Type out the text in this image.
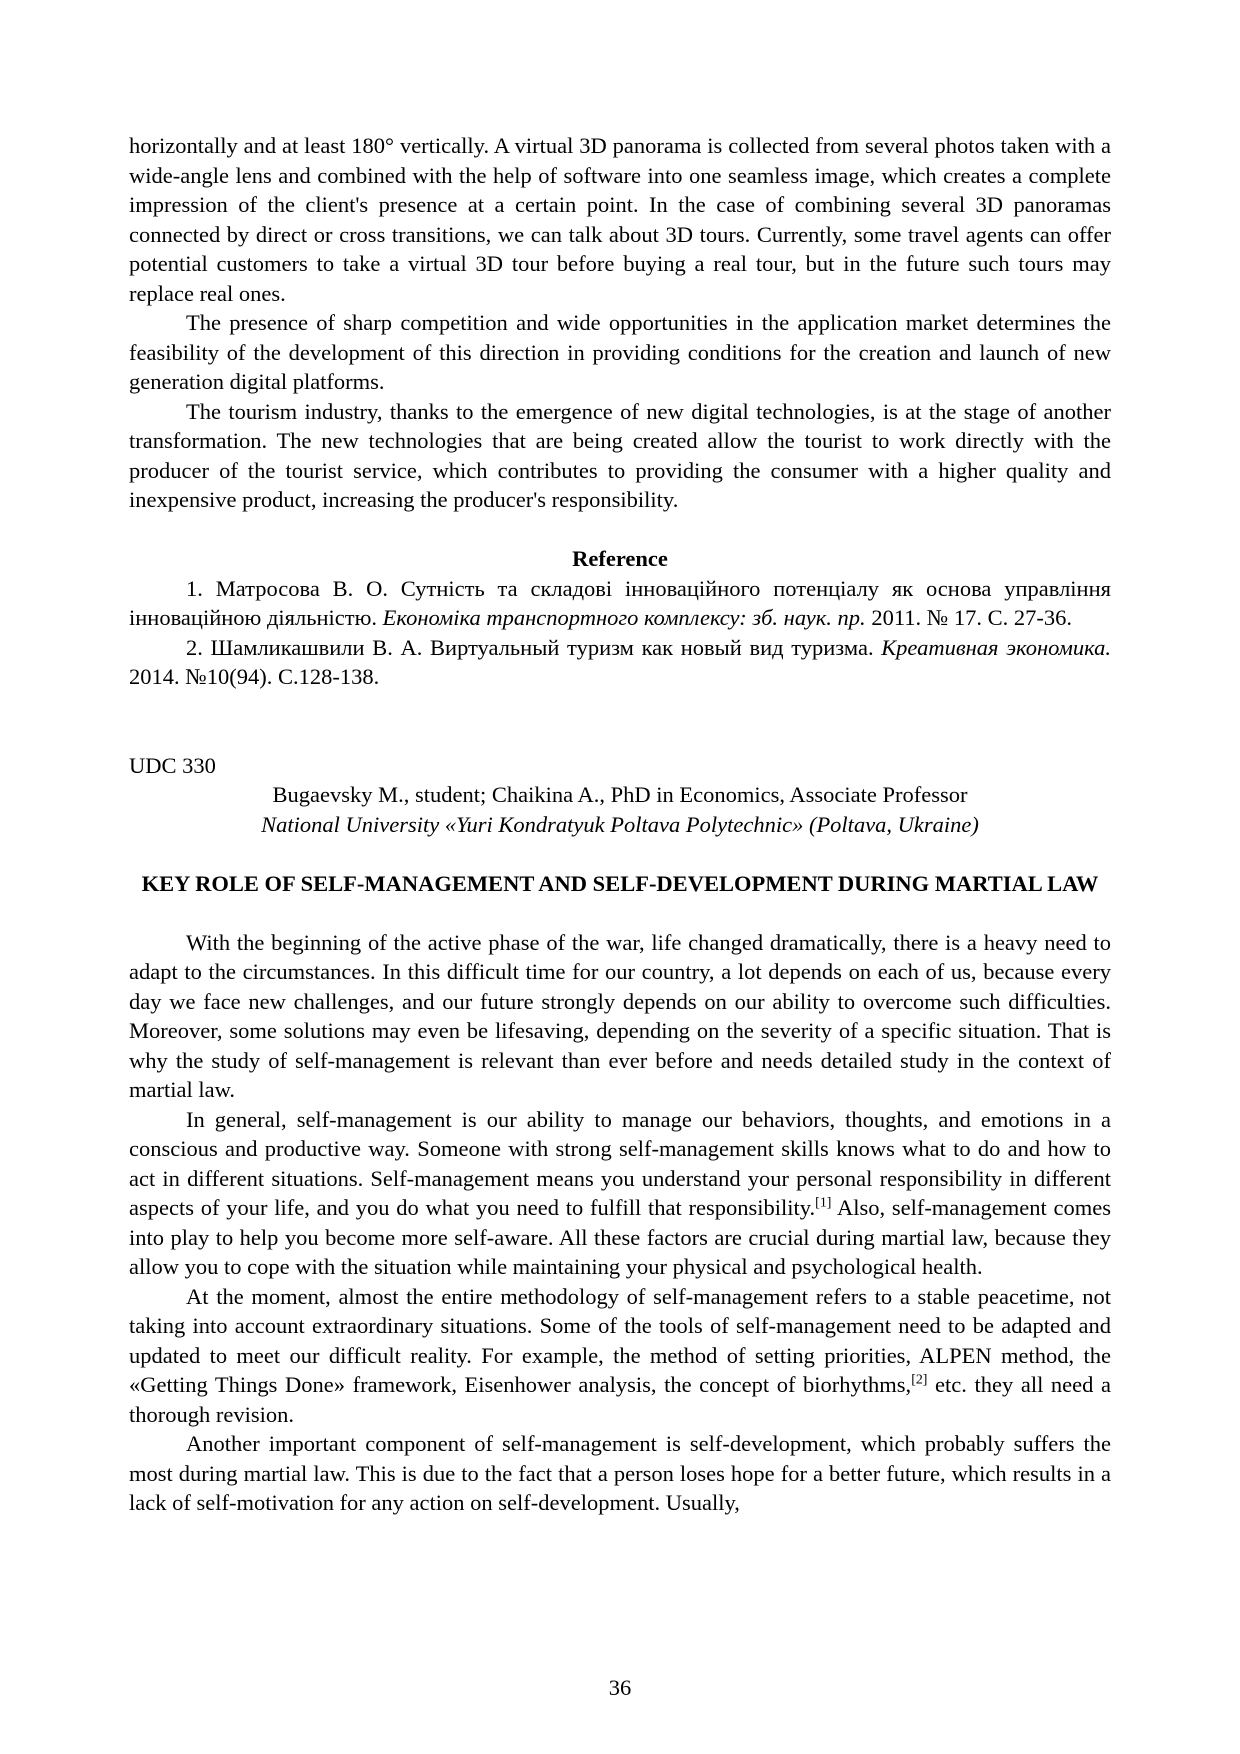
horizontally and at least 180° vertically. A virtual 3D panorama is collected from several photos taken with a wide-angle lens and combined with the help of software into one seamless image, which creates a complete impression of the client's presence at a certain point. In the case of combining several 3D panoramas connected by direct or cross transitions, we can talk about 3D tours. Currently, some travel agents can offer potential customers to take a virtual 3D tour before buying a real tour, but in the future such tours may replace real ones.

The presence of sharp competition and wide opportunities in the application market determines the feasibility of the development of this direction in providing conditions for the creation and launch of new generation digital platforms.

The tourism industry, thanks to the emergence of new digital technologies, is at the stage of another transformation. The new technologies that are being created allow the tourist to work directly with the producer of the tourist service, which contributes to providing the consumer with a higher quality and inexpensive product, increasing the producer's responsibility.

Reference

1. Матросова В. О. Сутність та складові інноваційного потенціалу як основа управління інноваційною діяльністю. Економіка транспортного комплексу: зб. наук. пр. 2011. № 17. С. 27-36.

2. Шамликашвили В. А. Виртуальный туризм как новый вид туризма. Креативная экономика. 2014. №10(94). С.128-138.

UDC 330

Bugaevsky M., student; Chaikina A., PhD in Economics, Associate Professor

National University «Yuri Kondratyuk Poltava Polytechnic» (Poltava, Ukraine)

KEY ROLE OF SELF-MANAGEMENT AND SELF-DEVELOPMENT DURING MARTIAL LAW

With the beginning of the active phase of the war, life changed dramatically, there is a heavy need to adapt to the circumstances. In this difficult time for our country, a lot depends on each of us, because every day we face new challenges, and our future strongly depends on our ability to overcome such difficulties. Moreover, some solutions may even be lifesaving, depending on the severity of a specific situation. That is why the study of self-management is relevant than ever before and needs detailed study in the context of martial law.

In general, self-management is our ability to manage our behaviors, thoughts, and emotions in a conscious and productive way. Someone with strong self-management skills knows what to do and how to act in different situations. Self-management means you understand your personal responsibility in different aspects of your life, and you do what you need to fulfill that responsibility.[1] Also, self-management comes into play to help you become more self-aware. All these factors are crucial during martial law, because they allow you to cope with the situation while maintaining your physical and psychological health.

At the moment, almost the entire methodology of self-management refers to a stable peacetime, not taking into account extraordinary situations. Some of the tools of self-management need to be adapted and updated to meet our difficult reality. For example, the method of setting priorities, ALPEN method, the «Getting Things Done» framework, Eisenhower analysis, the concept of biorhythms,[2] etc. they all need a thorough revision.

Another important component of self-management is self-development, which probably suffers the most during martial law. This is due to the fact that a person loses hope for a better future, which results in a lack of self-motivation for any action on self-development. Usually,

36
